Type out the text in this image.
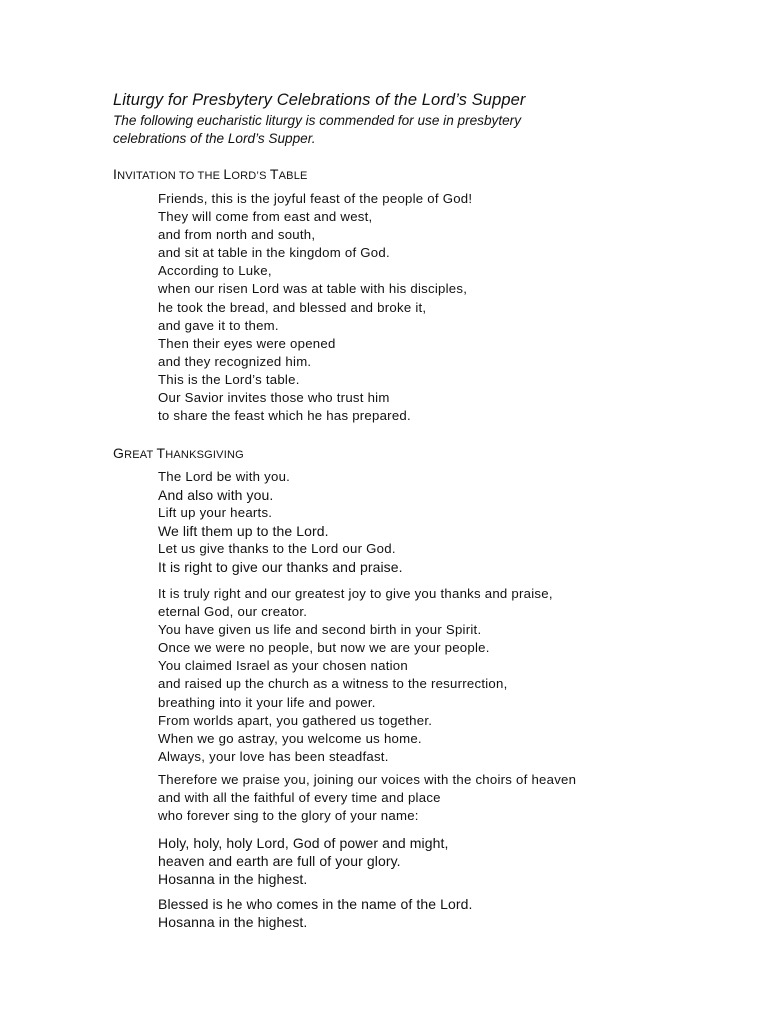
Liturgy for Presbytery Celebrations of the Lord’s Supper
The following eucharistic liturgy is commended for use in presbytery
celebrations of the Lord’s Supper.
INVITATION TO THE LORD’S TABLE
Friends, this is the joyful feast of the people of God!
They will come from east and west,
and from north and south,
and sit at table in the kingdom of God.
According to Luke,
when our risen Lord was at table with his disciples,
he took the bread, and blessed and broke it,
and gave it to them.
Then their eyes were opened
and they recognized him.
This is the Lord’s table.
Our Savior invites those who trust him
to share the feast which he has prepared.
GREAT THANKSGIVING
The Lord be with you.
And also with you.
Lift up your hearts.
We lift them up to the Lord.
Let us give thanks to the Lord our God.
It is right to give our thanks and praise.
It is truly right and our greatest joy to give you thanks and praise,
eternal God, our creator.
You have given us life and second birth in your Spirit.
Once we were no people, but now we are your people.
You claimed Israel as your chosen nation
and raised up the church as a witness to the resurrection,
breathing into it your life and power.
From worlds apart, you gathered us together.
When we go astray, you welcome us home.
Always, your love has been steadfast.
Therefore we praise you, joining our voices with the choirs of heaven
and with all the faithful of every time and place
who forever sing to the glory of your name:
Holy, holy, holy Lord, God of power and might,
heaven and earth are full of your glory.
Hosanna in the highest.
Blessed is he who comes in the name of the Lord.
Hosanna in the highest.
